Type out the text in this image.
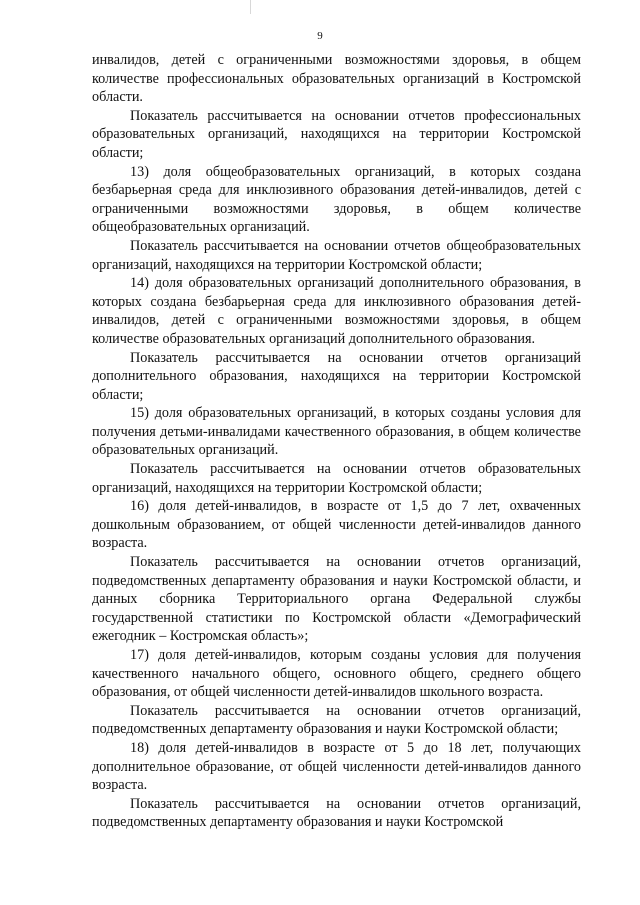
9

инвалидов, детей с ограниченными возможностями здоровья, в общем количестве профессиональных образовательных организаций в Костромской области.

Показатель рассчитывается на основании отчетов профессиональных образовательных организаций, находящихся на территории Костромской области;

13) доля общеобразовательных организаций, в которых создана безбарьерная среда для инклюзивного образования детей-инвалидов, детей с ограниченными возможностями здоровья, в общем количестве общеобразовательных организаций.

Показатель рассчитывается на основании отчетов общеобразовательных организаций, находящихся на территории Костромской области;

14) доля образовательных организаций дополнительного образования, в которых создана безбарьерная среда для инклюзивного образования детей-инвалидов, детей с ограниченными возможностями здоровья, в общем количестве образовательных организаций дополнительного образования.

Показатель рассчитывается на основании отчетов организаций дополнительного образования, находящихся на территории Костромской области;

15) доля образовательных организаций, в которых созданы условия для получения детьми-инвалидами качественного образования, в общем количестве образовательных организаций.

Показатель рассчитывается на основании отчетов образовательных организаций, находящихся на территории Костромской области;

16) доля детей-инвалидов, в возрасте от 1,5 до 7 лет, охваченных дошкольным образованием, от общей численности детей-инвалидов данного возраста.

Показатель рассчитывается на основании отчетов организаций, подведомственных департаменту образования и науки Костромской области, и данных сборника Территориального органа Федеральной службы государственной статистики по Костромской области «Демографический ежегодник – Костромская область»;

17) доля детей-инвалидов, которым созданы условия для получения качественного начального общего, основного общего, среднего общего образования, от общей численности детей-инвалидов школьного возраста.

Показатель рассчитывается на основании отчетов организаций, подведомственных департаменту образования и науки Костромской области;

18) доля детей-инвалидов в возрасте от 5 до 18 лет, получающих дополнительное образование, от общей численности детей-инвалидов данного возраста.

Показатель рассчитывается на основании отчетов организаций, подведомственных департаменту образования и науки Костромской
